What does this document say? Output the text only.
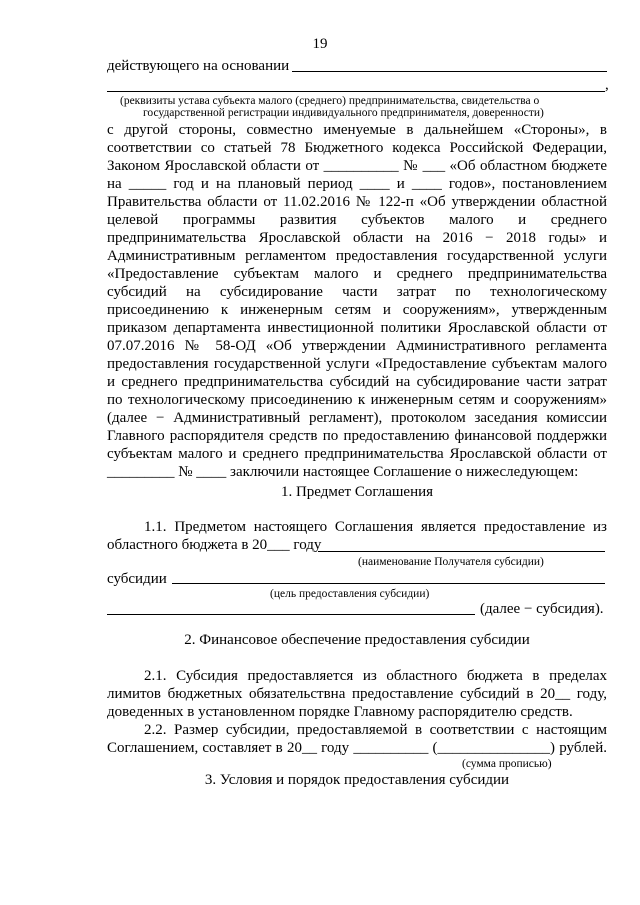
19
действующего на основании
,
(реквизиты устава субъекта малого (среднего) предпринимательства, свидетельства о
государственной регистрации индивидуального предпринимателя, доверенности)
с другой стороны, совместно именуемые в дальнейшем «Стороны», в
соответствии со статьей 78 Бюджетного кодекса Российской Федерации,
Законом Ярославской области от __________ № ___ «Об областном бюджете
на _____ год и на плановый период ____ и ____ годов», постановлением
Правительства области от 11.02.2016 № 122-п «Об утверждении областной
целевой программы развития субъектов малого и среднего
предпринимательства Ярославской области на 2016 − 2018 годы» и
Административным регламентом предоставления государственной услуги
«Предоставление субъектам малого и среднего предпринимательства
субсидий на субсидирование части затрат по технологическому
присоединению к инженерным сетям и сооружениям», утвержденным
приказом департамента инвестиционной политики Ярославской области от
07.07.2016 № 58-ОД «Об утверждении Административного регламента
предоставления государственной услуги «Предоставление субъектам малого
и среднего предпринимательства субсидий на субсидирование части затрат
по технологическому присоединению к инженерным сетям и сооружениям»
(далее − Административный регламент), протоколом заседания комиссии
Главного распорядителя средств по предоставлению финансовой поддержки
субъектам малого и среднего предпринимательства Ярославской области от
_________ № ____ заключили настоящее Соглашение о нижеследующем:
1. Предмет Соглашения
1.1. Предметом настоящего Соглашения является предоставление из
областного бюджета в 20___ году
(наименование Получателя субсидии)
субсидии
(цель предоставления субсидии)
(далее − субсидия).
2. Финансовое обеспечение предоставления субсидии
2.1. Субсидия предоставляется из областного бюджета в пределах
лимитов бюджетных обязательствна предоставление субсидий в 20__ году,
доведенных в установленном порядке Главному распорядителю средств.
2.2. Размер субсидии, предоставляемой в соответствии с настоящим
Соглашением, составляет в 20__ году __________ (_______________) рублей.
(сумма прописью)
3. Условия и порядок предоставления субсидии
